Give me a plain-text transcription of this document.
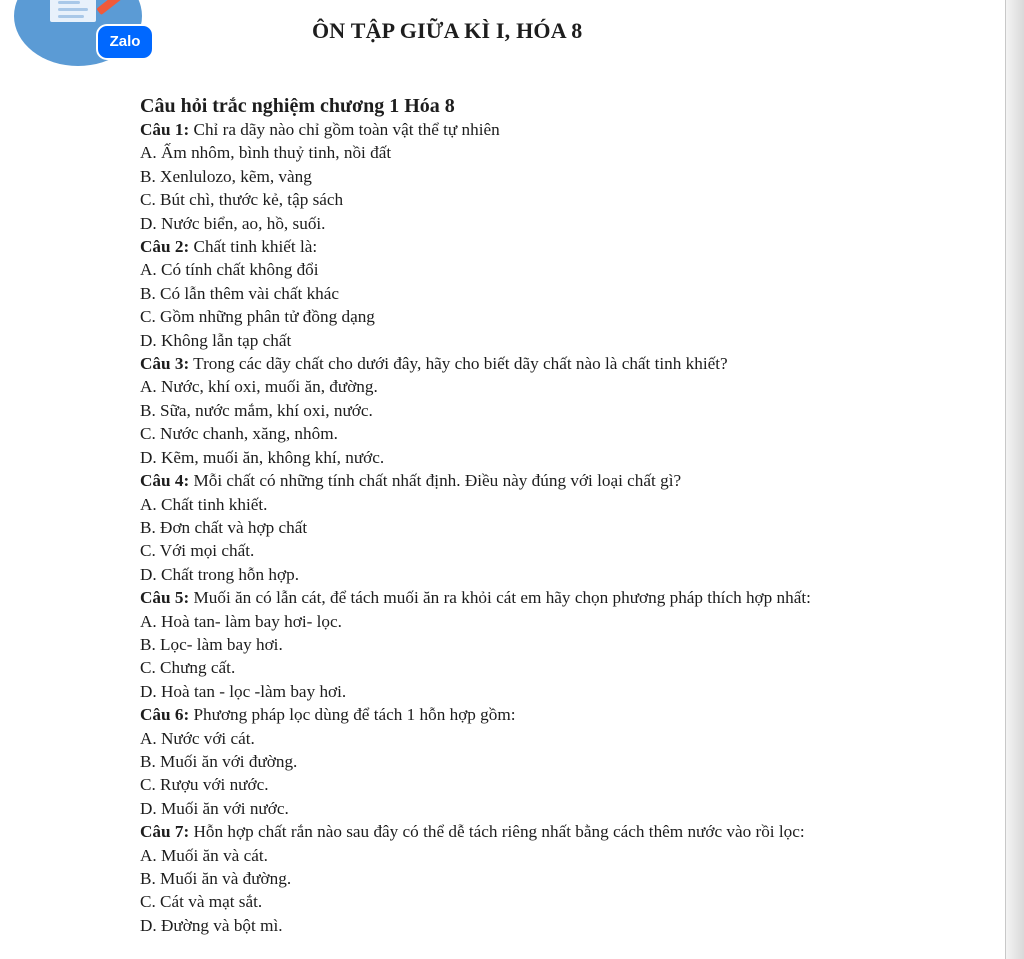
Zalo	ÔN TẬP GIỮA KÌ I, HÓA 8
Câu hỏi trắc nghiệm chương 1 Hóa 8
Câu 1: Chỉ ra dãy nào chỉ gồm toàn vật thể tự nhiên
A. Ấm nhôm, bình thuỷ tinh, nồi đất
B. Xenlulozo, kẽm, vàng
C. Bút chì, thước kẻ, tập sách
D. Nước biển, ao, hồ, suối.
Câu 2: Chất tinh khiết là:
A. Có tính chất không đổi
B. Có lẫn thêm vài chất khác
C. Gồm những phân tử đồng dạng
D. Không lẫn tạp chất
Câu 3: Trong các dãy chất cho dưới đây, hãy cho biết dãy chất nào là chất tinh khiết?
A. Nước, khí oxi, muối ăn, đường.
B. Sữa, nước mắm, khí oxi, nước.
C. Nước chanh, xăng, nhôm.
D. Kẽm, muối ăn, không khí, nước.
Câu 4: Mỗi chất có những tính chất nhất định. Điều này đúng với loại chất gì?
A. Chất tinh khiết.
B. Đơn chất và hợp chất
C. Với mọi chất.
D. Chất trong hỗn hợp.
Câu 5: Muối ăn có lẫn cát, để tách muối ăn ra khỏi cát em hãy chọn phương pháp thích hợp nhất:
A. Hoà tan- làm bay hơi- lọc.
B. Lọc- làm bay hơi.
C. Chưng cất.
D. Hoà tan - lọc -làm bay hơi.
Câu 6: Phương pháp lọc dùng để tách 1 hỗn hợp gồm:
A. Nước với cát.
B. Muối ăn với đường.
C. Rượu với nước.
D. Muối ăn với nước.
Câu 7: Hỗn hợp chất rắn nào sau đây có thể dễ tách riêng nhất bằng cách thêm nước vào rồi lọc:
A. Muối ăn và cát.
B. Muối ăn và đường.
C. Cát và mạt sắt.
D. Đường và bột mì.
